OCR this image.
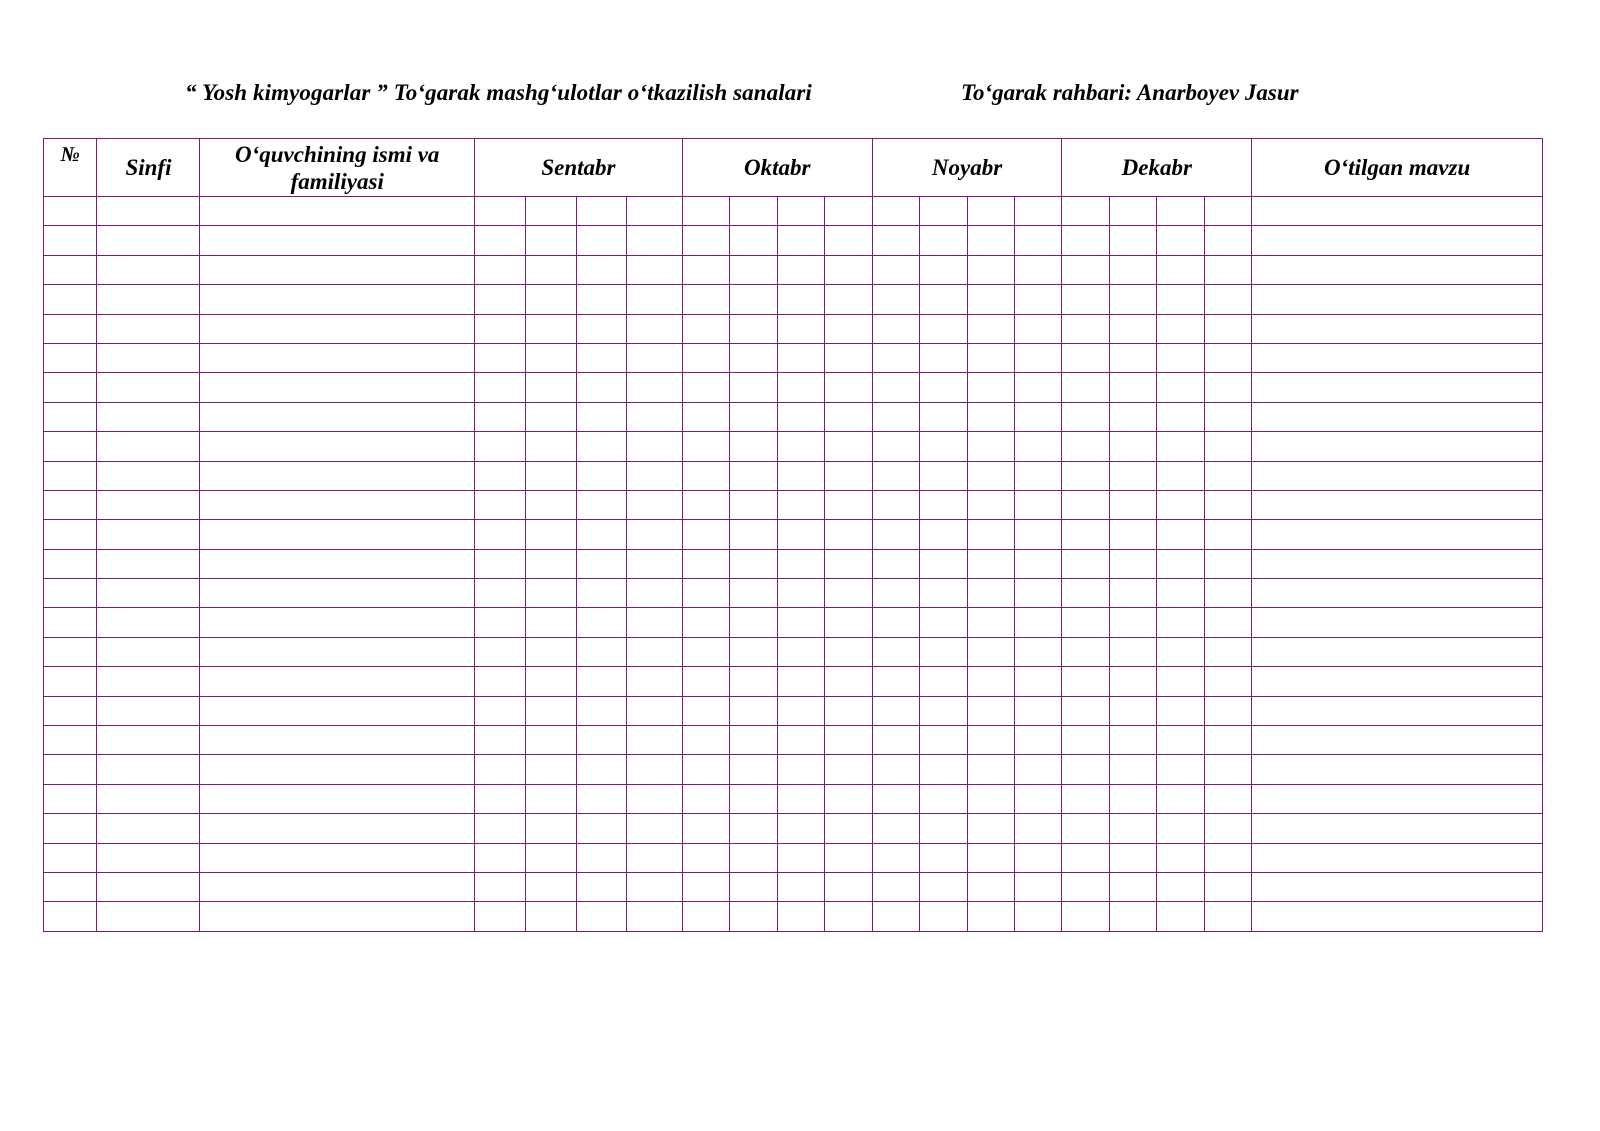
“ Yosh kimyogarlar ” To‘garak mashg‘ulotlar o‘tkazilish sanalari	To‘garak rahbari: Anarboyev Jasur
№	Sinfi	O‘quvchining ismi va familiyasi	Sentabr				Oktabr				Noyabr				Dekabr				O‘tilgan mavzu
